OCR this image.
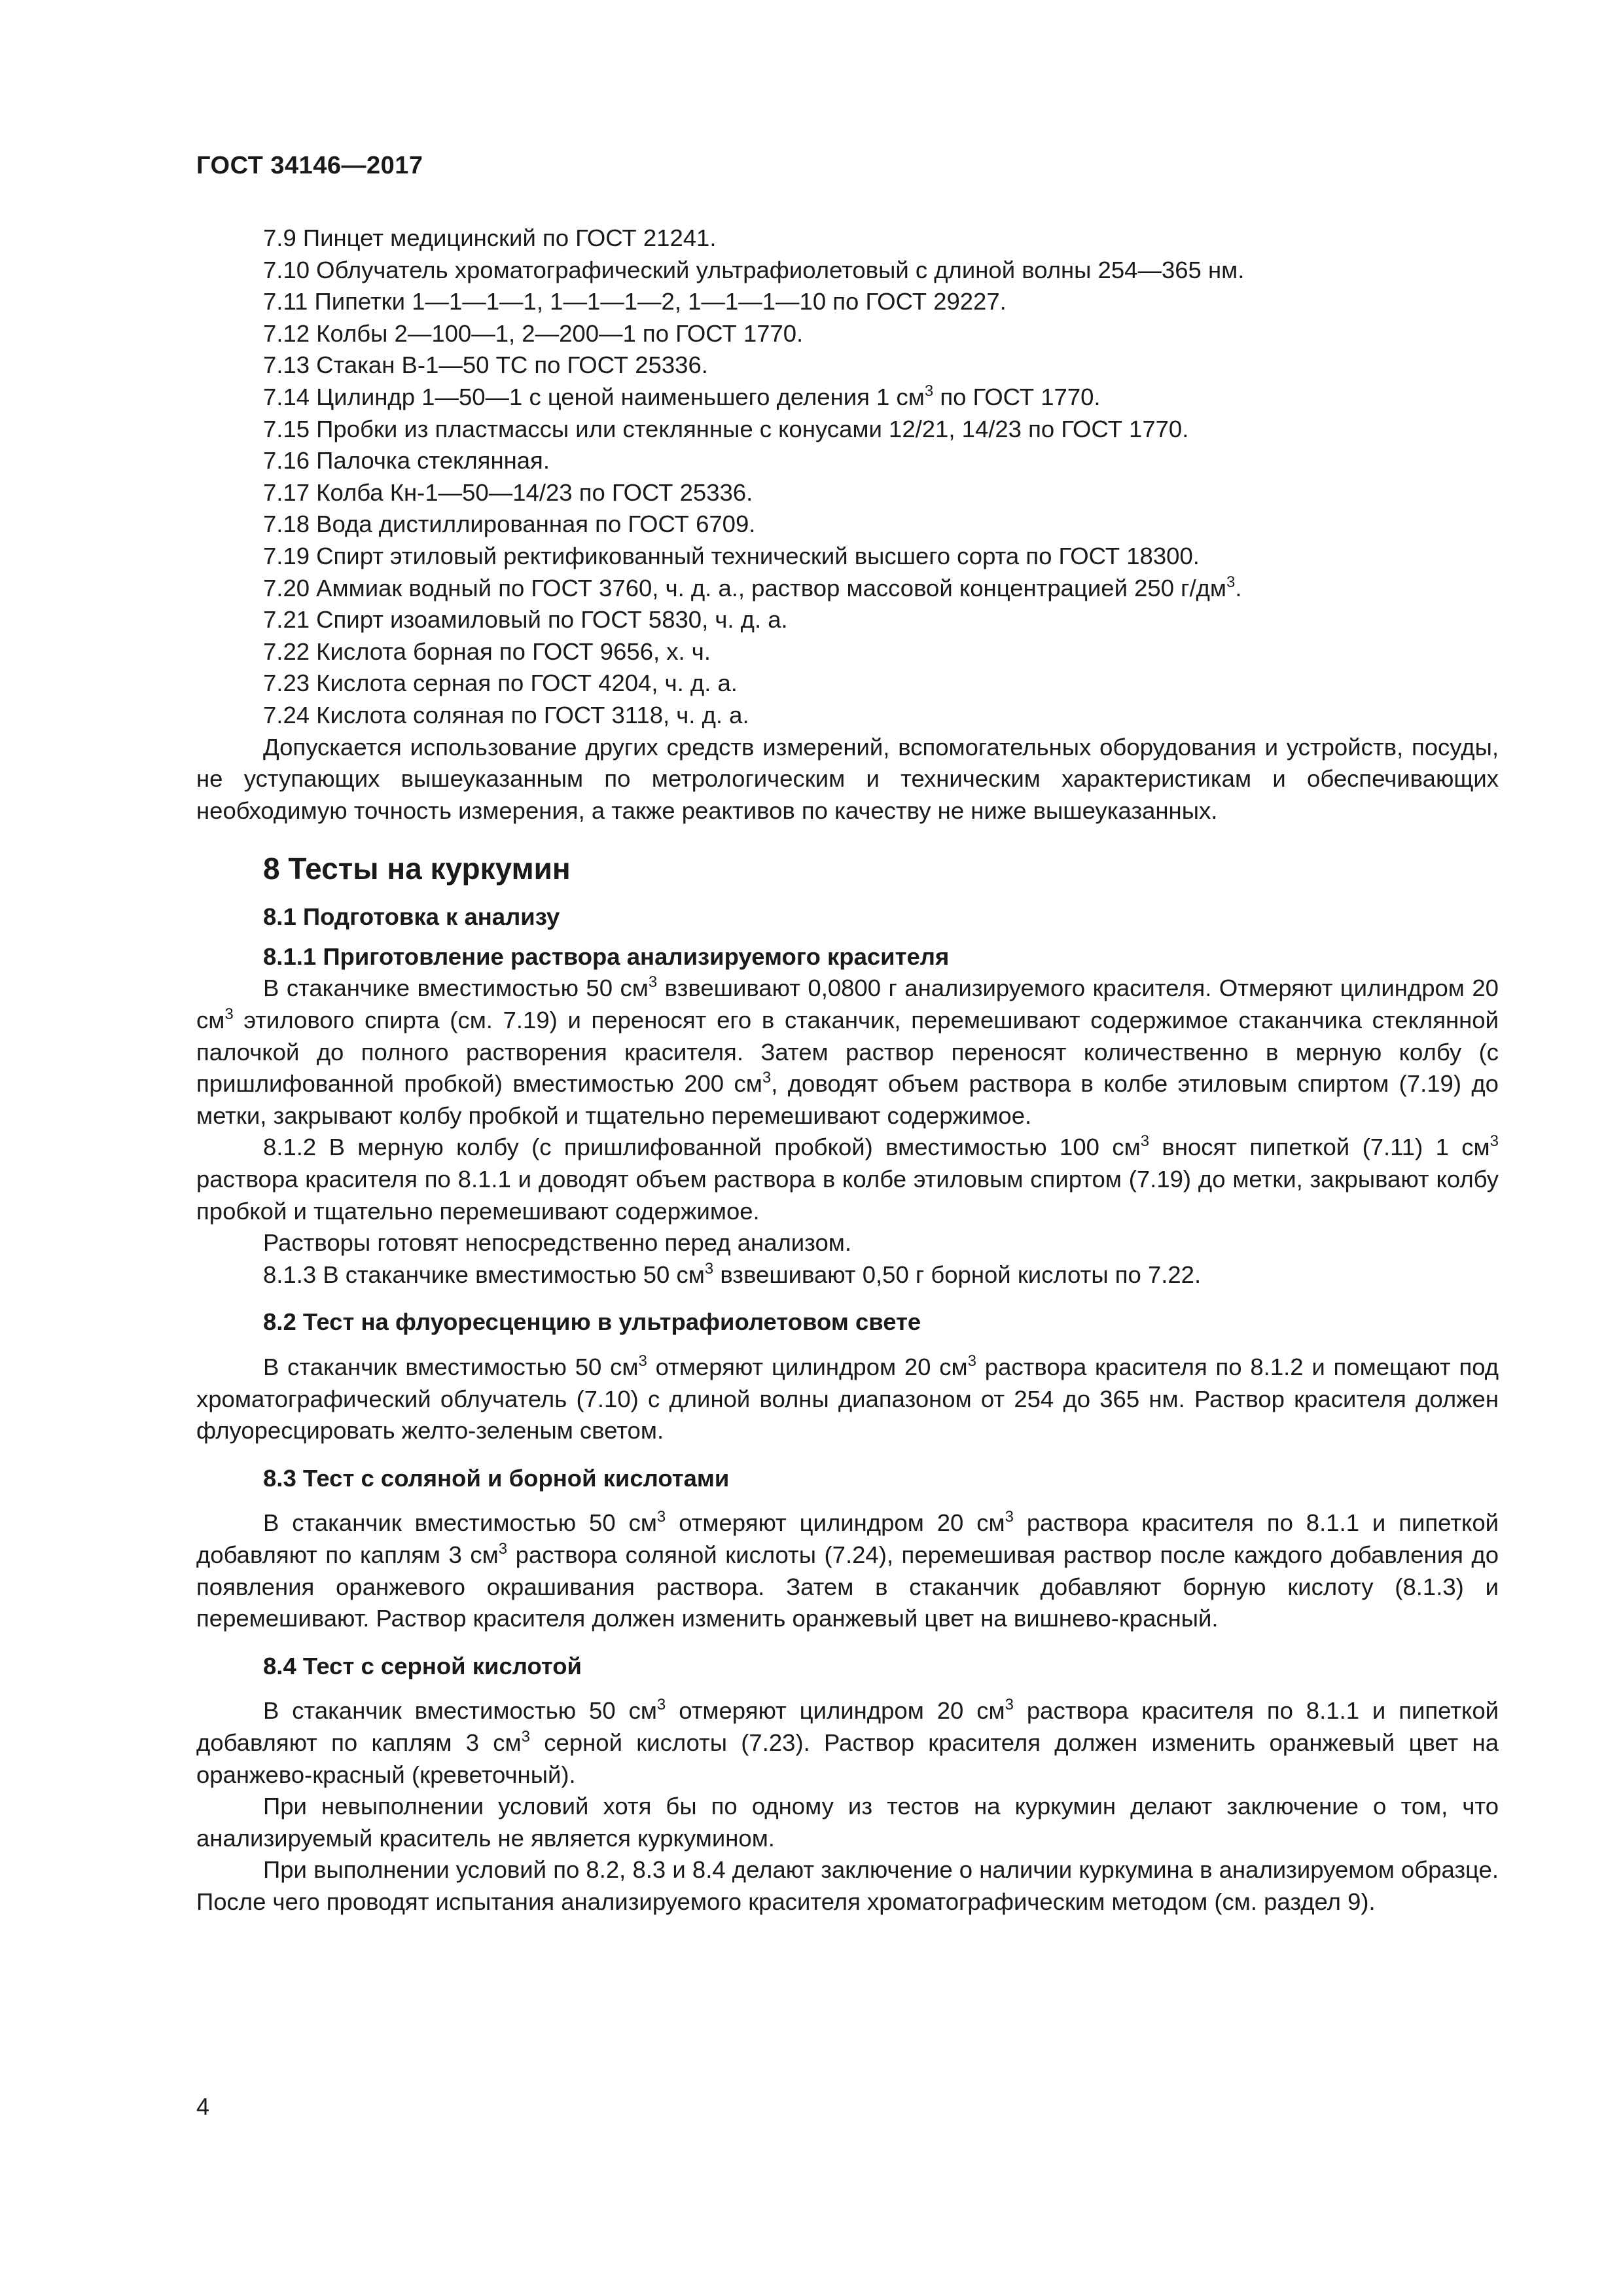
ГОСТ 34146—2017
7.9 Пинцет медицинский по ГОСТ 21241.
7.10 Облучатель хроматографический ультрафиолетовый с длиной волны 254—365 нм.
7.11 Пипетки 1—1—1—1, 1—1—1—2, 1—1—1—10 по ГОСТ 29227.
7.12 Колбы 2—100—1, 2—200—1 по ГОСТ 1770.
7.13 Стакан В-1—50 ТС по ГОСТ 25336.
7.14 Цилиндр 1—50—1 с ценой наименьшего деления 1 $см^3$ по ГОСТ 1770.
7.15 Пробки из пластмассы или стеклянные с конусами 12/21, 14/23 по ГОСТ 1770.
7.16 Палочка стеклянная.
7.17 Колба Кн-1—50—14/23 по ГОСТ 25336.
7.18 Вода дистиллированная по ГОСТ 6709.
7.19 Спирт этиловый ректификованный технический высшего сорта по ГОСТ 18300.
7.20 Аммиак водный по ГОСТ 3760, ч. д. а., раствор массовой концентрацией 250 $г/дм^3$.
7.21 Спирт изоамиловый по ГОСТ 5830, ч. д. а.
7.22 Кислота борная по ГОСТ 9656, х. ч.
7.23 Кислота серная по ГОСТ 4204, ч. д. а.
7.24 Кислота соляная по ГОСТ 3118, ч. д. а.

Допускается использование других средств измерений, вспомогательных оборудования и устройств, посуды, не уступающих вышеуказанным по метрологическим и техническим характеристикам и обеспечивающих необходимую точность измерения, а также реактивов по качеству не ниже вышеуказанных.

8 Тесты на куркумин
8.1 Подготовка к анализу
8.1.1 Приготовление раствора анализируемого красителя

В стаканчике вместимостью 50 $см^3$ взвешивают 0,0800 г анализируемого красителя. Отмеряют цилиндром 20 $см^3$ этилового спирта (см. 7.19) и переносят его в стаканчик, перемешивают содержимое стаканчика стеклянной палочкой до полного растворения красителя. Затем раствор переносят количественно в мерную колбу (с пришлифованной пробкой) вместимостью 200 $см^3$, доводят объем раствора в колбе этиловым спиртом (7.19) до метки, закрывают колбу пробкой и тщательно перемешивают содержимое.

8.1.2 В мерную колбу (с пришлифованной пробкой) вместимостью 100 $см^3$ вносят пипеткой (7.11) 1 $см^3$ раствора красителя по 8.1.1 и доводят объем раствора в колбе этиловым спиртом (7.19) до метки, закрывают колбу пробкой и тщательно перемешивают содержимое.

Растворы готовят непосредственно перед анализом.

8.1.3 В стаканчике вместимостью 50 $см^3$ взвешивают 0,50 г борной кислоты по 7.22.

8.2 Тест на флуоресценцию в ультрафиолетовом свете

В стаканчик вместимостью 50 $см^3$ отмеряют цилиндром 20 $см^3$ раствора красителя по 8.1.2 и помещают под хроматографический облучатель (7.10) с длиной волны диапазоном от 254 до 365 нм. Раствор красителя должен флуоресцировать желто-зеленым светом.

8.3 Тест с соляной и борной кислотами

В стаканчик вместимостью 50 $см^3$ отмеряют цилиндром 20 $см^3$ раствора красителя по 8.1.1 и пипеткой добавляют по каплям 3 $см^3$ раствора соляной кислоты (7.24), перемешивая раствор после каждого добавления до появления оранжевого окрашивания раствора. Затем в стаканчик добавляют борную кислоту (8.1.3) и перемешивают. Раствор красителя должен изменить оранжевый цвет на вишнево-красный.

8.4 Тест с серной кислотой

В стаканчик вместимостью 50 $см^3$ отмеряют цилиндром 20 $см^3$ раствора красителя по 8.1.1 и пипеткой добавляют по каплям 3 $см^3$ серной кислоты (7.23). Раствор красителя должен изменить оранжевый цвет на оранжево-красный (креветочный).

При невыполнении условий хотя бы по одному из тестов на куркумин делают заключение о том, что анализируемый краситель не является куркумином.

При выполнении условий по 8.2, 8.3 и 8.4 делают заключение о наличии куркумина в анализируемом образце. После чего проводят испытания анализируемого красителя хроматографическим методом (см. раздел 9).

4
